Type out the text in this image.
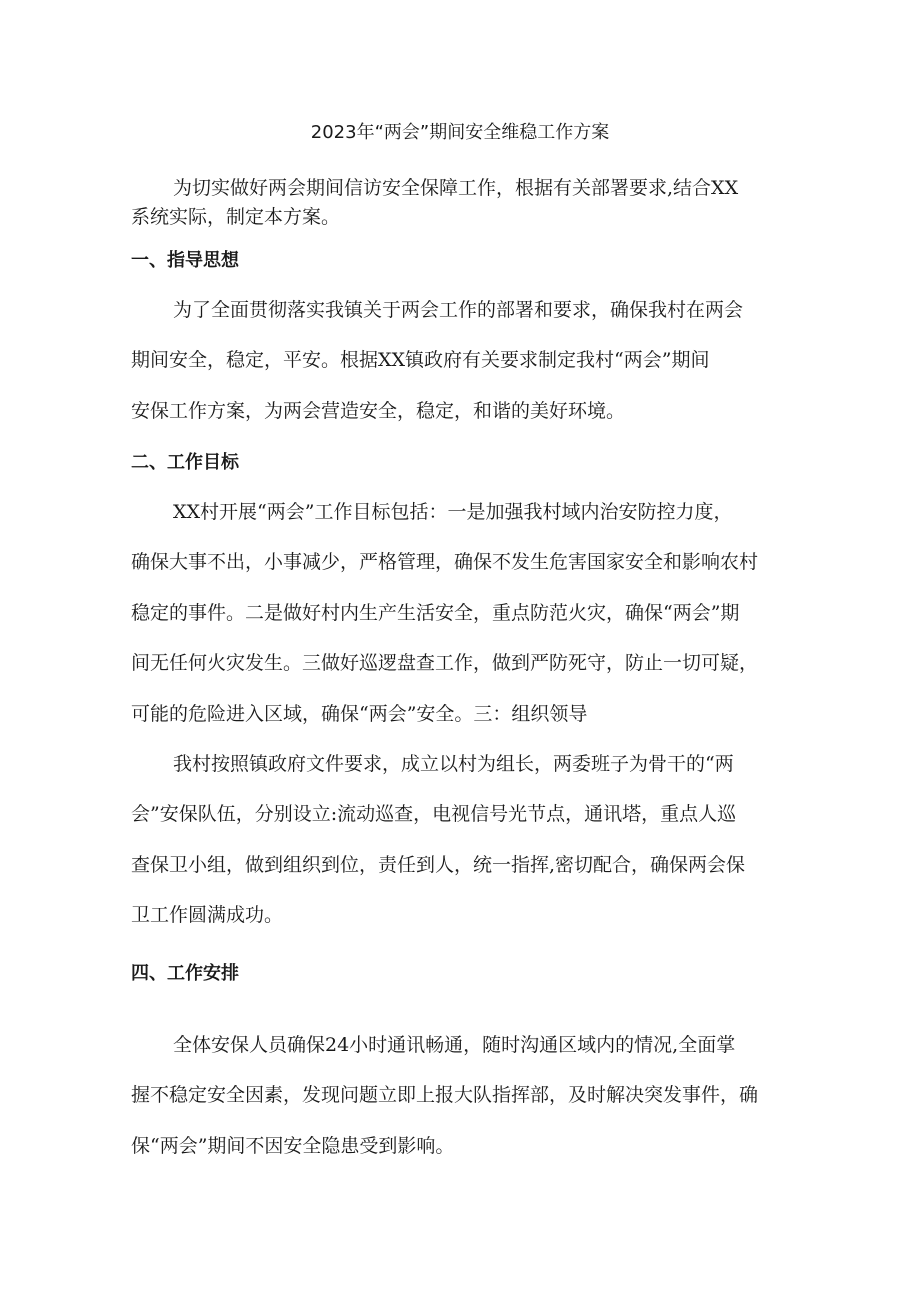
2023年“两会”期间安全维稳工作方案

为切实做好两会期间信访安全保障工作，根据有关部署要求,结合XX

系统实际，制定本方案。

一、指导思想

为了全面贯彻落实我镇关于两会工作的部署和要求，确保我村在两会

期间安全，稳定，平安。根据XX镇政府有关要求制定我村“两会”期间

安保工作方案，为两会营造安全，稳定，和谐的美好环境。

二、工作目标

XX村开展“两会”工作目标包括：一是加强我村域内治安防控力度，

确保大事不出，小事减少，严格管理，确保不发生危害国家安全和影响农村

稳定的事件。二是做好村内生产生活安全，重点防范火灾，确保“两会”期

间无任何火灾发生。三做好巡逻盘查工作，做到严防死守，防止一切可疑，

可能的危险进入区域，确保“两会”安全。三：组织领导

我村按照镇政府文件要求，成立以村为组长，两委班子为骨干的“两

会”安保队伍，分别设立:流动巡查，电视信号光节点，通讯塔，重点人巡

查保卫小组，做到组织到位，责任到人，统一指挥,密切配合，确保两会保

卫工作圆满成功。

四、工作安排

全体安保人员确保24小时通讯畅通，随时沟通区域内的情况,全面掌

握不稳定安全因素，发现问题立即上报大队指挥部，及时解决突发事件，确

保“两会”期间不因安全隐患受到影响。
